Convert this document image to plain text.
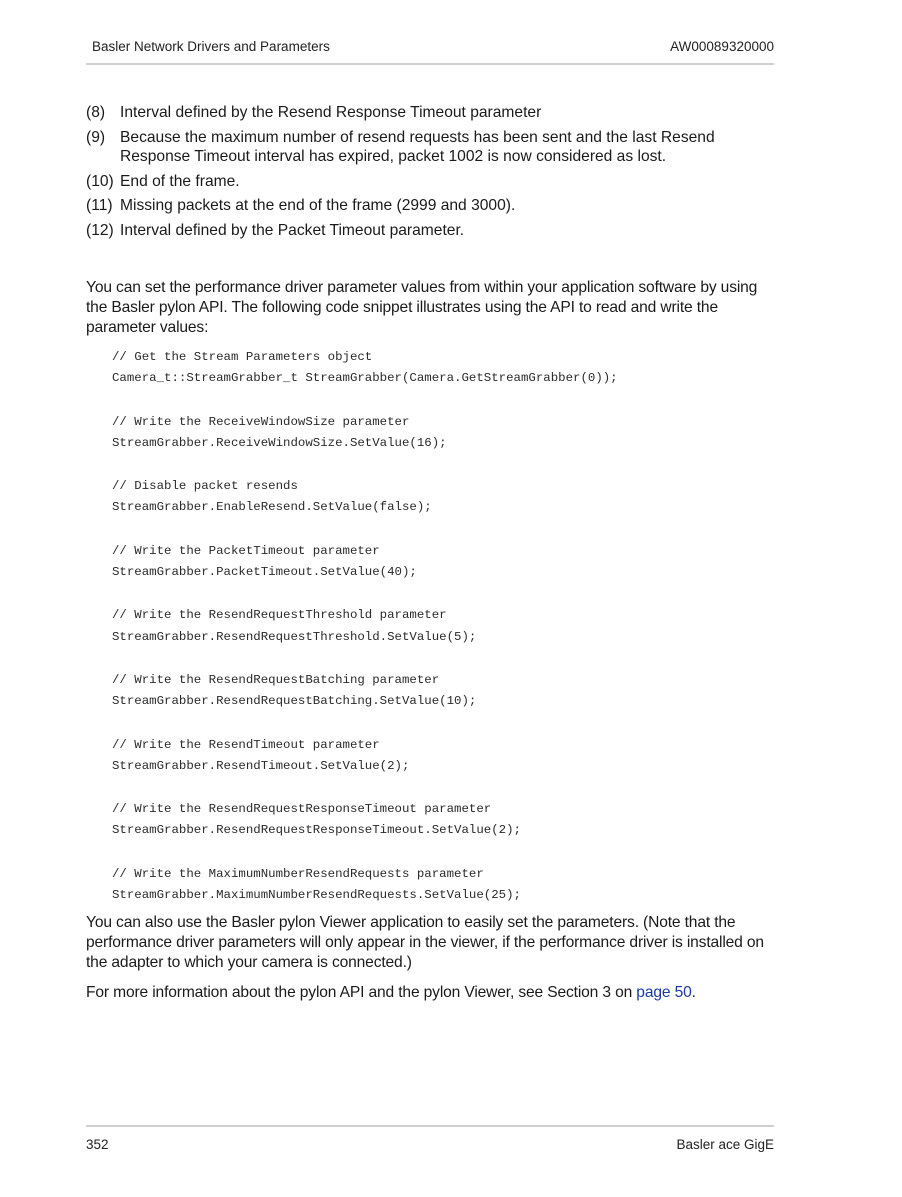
Basler Network Drivers and Parameters	AW00089320000
(8) Interval defined by the Resend Response Timeout parameter
(9) Because the maximum number of resend requests has been sent and the last Resend Response Timeout interval has expired, packet 1002 is now considered as lost.
(10) End of the frame.
(11) Missing packets at the end of the frame (2999 and 3000).
(12) Interval defined by the Packet Timeout parameter.
You can set the performance driver parameter values from within your application software by using the Basler pylon API. The following code snippet illustrates using the API to read and write the parameter values:
// Get the Stream Parameters object
Camera_t::StreamGrabber_t StreamGrabber(Camera.GetStreamGrabber(0));
// Write the ReceiveWindowSize parameter
StreamGrabber.ReceiveWindowSize.SetValue(16);
// Disable packet resends
StreamGrabber.EnableResend.SetValue(false);
// Write the PacketTimeout parameter
StreamGrabber.PacketTimeout.SetValue(40);
// Write the ResendRequestThreshold parameter
StreamGrabber.ResendRequestThreshold.SetValue(5);
// Write the ResendRequestBatching parameter
StreamGrabber.ResendRequestBatching.SetValue(10);
// Write the ResendTimeout parameter
StreamGrabber.ResendTimeout.SetValue(2);
// Write the ResendRequestResponseTimeout parameter
StreamGrabber.ResendRequestResponseTimeout.SetValue(2);
// Write the MaximumNumberResendRequests parameter
StreamGrabber.MaximumNumberResendRequests.SetValue(25);
You can also use the Basler pylon Viewer application to easily set the parameters. (Note that the performance driver parameters will only appear in the viewer, if the performance driver is installed on the adapter to which your camera is connected.)
For more information about the pylon API and the pylon Viewer, see Section 3 on page 50.
352	Basler ace GigE
